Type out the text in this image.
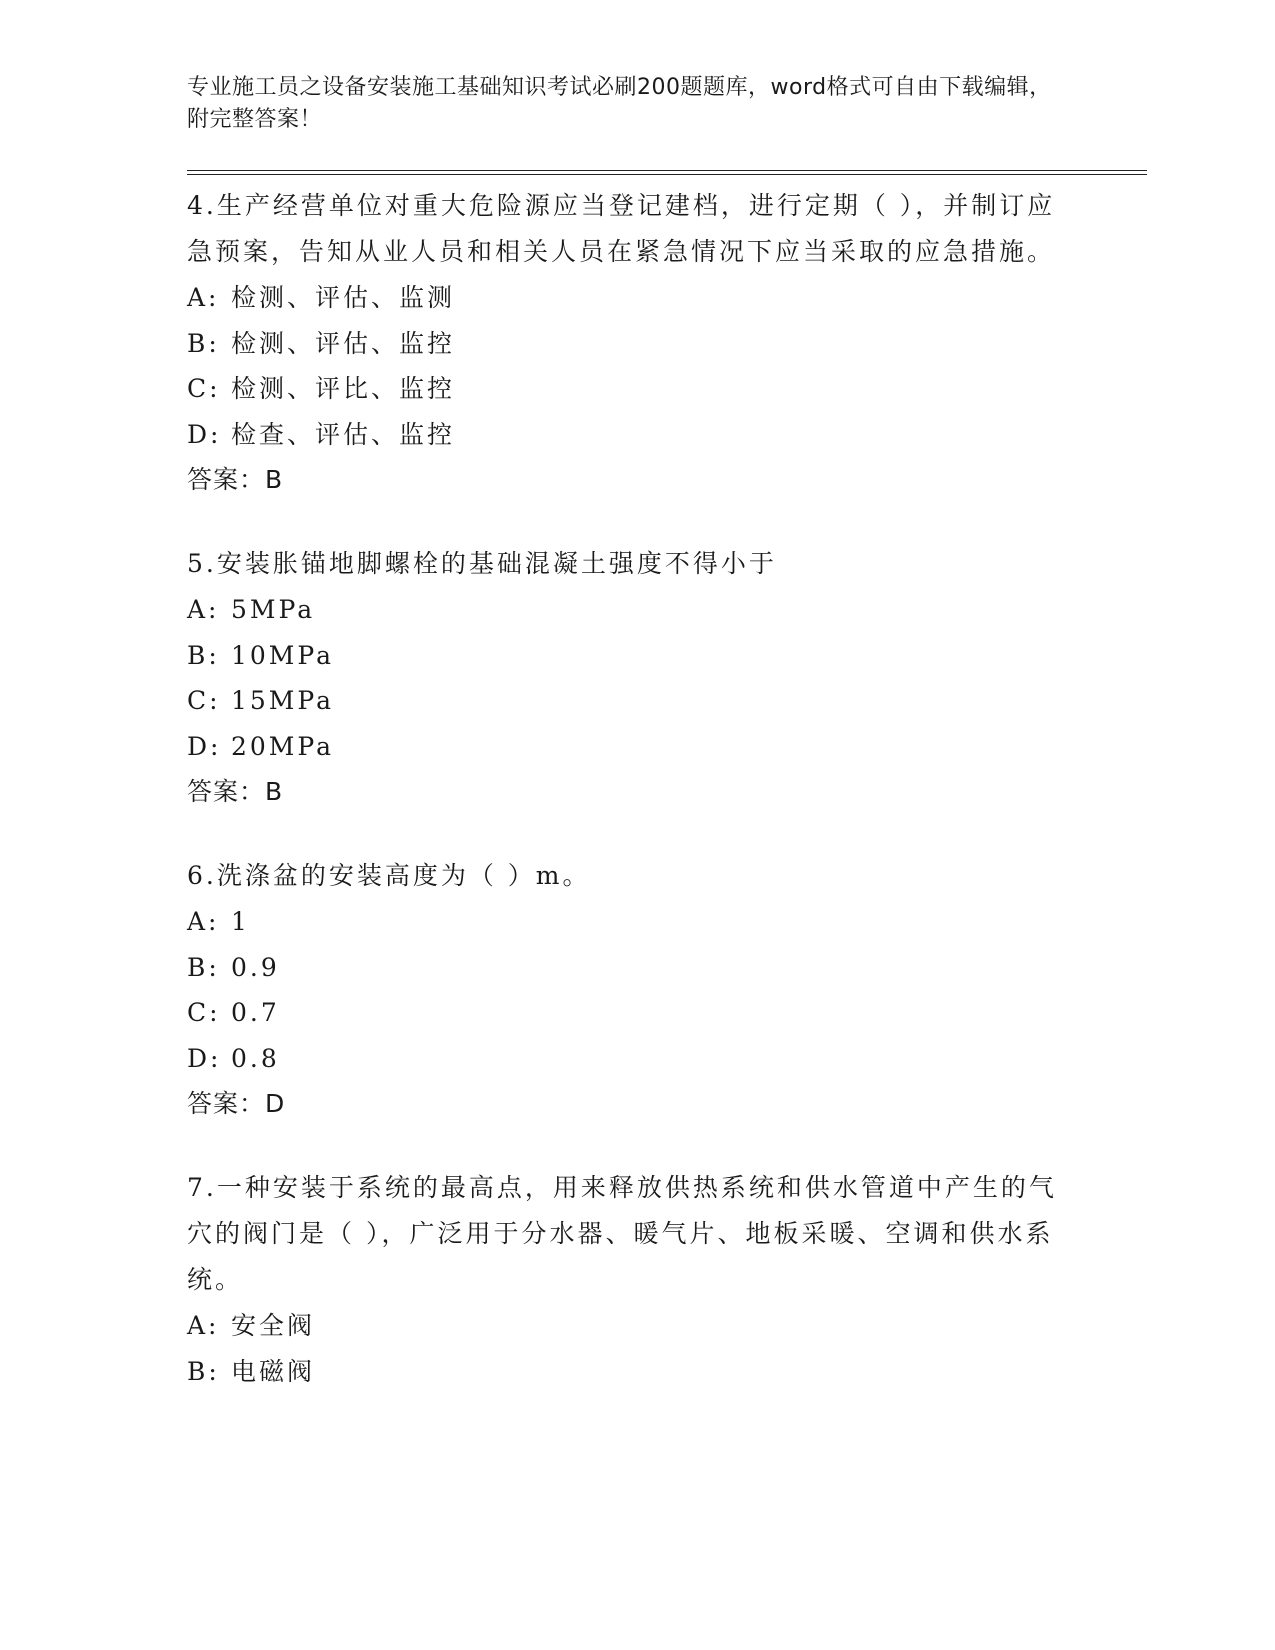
专业施工员之设备安装施工基础知识考试必刷200题题库，word格式可自由下载编辑，附完整答案！
4.生产经营单位对重大危险源应当登记建档，进行定期（ ），并制订应急预案，告知从业人员和相关人员在紧急情况下应当采取的应急措施。
A: 检测、评估、监测
B: 检测、评估、监控
C: 检测、评比、监控
D: 检查、评估、监控
答案：B
5.安装胀锚地脚螺栓的基础混凝土强度不得小于
A: 5MPa
B: 10MPa
C: 15MPa
D: 20MPa
答案：B
6.洗涤盆的安装高度为（ ）m。
A: 1
B: 0.9
C: 0.7
D: 0.8
答案：D
7.一种安装于系统的最高点，用来释放供热系统和供水管道中产生的气穴的阀门是（ ），广泛用于分水器、暖气片、地板采暖、空调和供水系统。
A: 安全阀
B: 电磁阀
